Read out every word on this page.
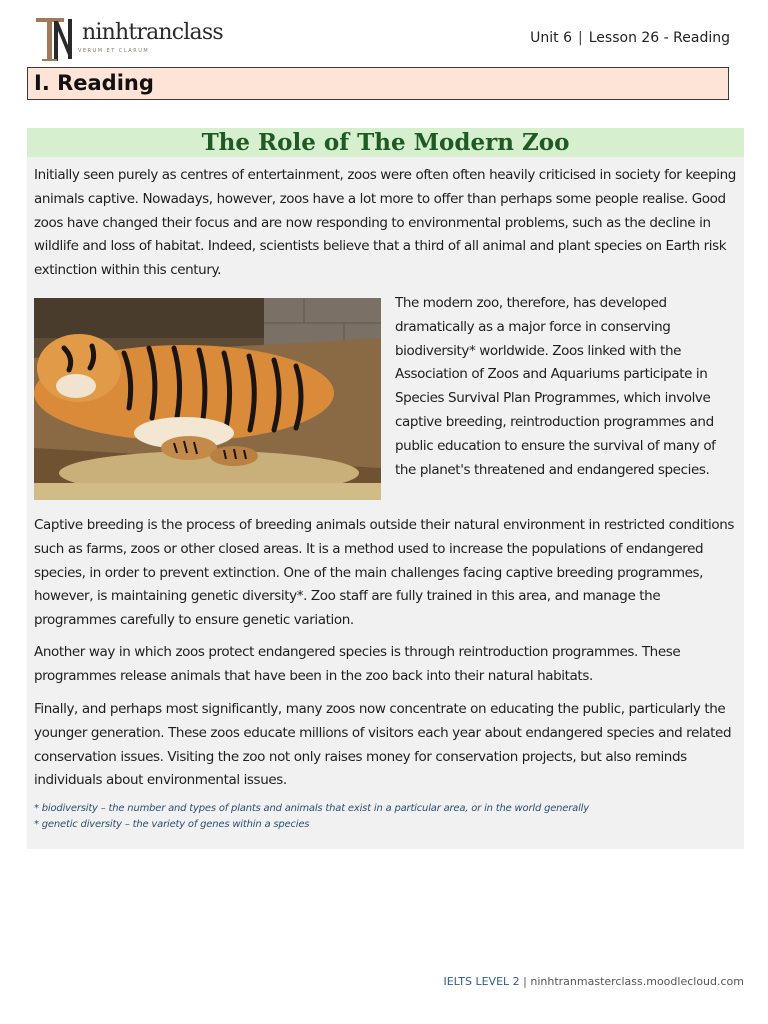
ninhtranclass
VERUM ET CLARUM
Unit 6 | Lesson 26 - Reading
I. Reading
The Role of The Modern Zoo

Initially seen purely as centres of entertainment, zoos were often often heavily criticised in society for keeping animals captive. Nowadays, however, zoos have a lot more to offer than perhaps some people realise. Good zoos have changed their focus and are now responding to environmental problems, such as the decline in wildlife and loss of habitat. Indeed, scientists believe that a third of all animal and plant species on Earth risk extinction within this century.

The modern zoo, therefore, has developed dramatically as a major force in conserving biodiversity* worldwide. Zoos linked with the Association of Zoos and Aquariums participate in Species Survival Plan Programmes, which involve captive breeding, reintroduction programmes and public education to ensure the survival of many of the planet's threatened and endangered species.

Captive breeding is the process of breeding animals outside their natural environment in restricted conditions such as farms, zoos or other closed areas. It is a method used to increase the populations of endangered species, in order to prevent extinction. One of the main challenges facing captive breeding programmes, however, is maintaining genetic diversity*. Zoo staff are fully trained in this area, and manage the programmes carefully to ensure genetic variation.

Another way in which zoos protect endangered species is through reintroduction programmes. These programmes release animals that have been in the zoo back into their natural habitats.

Finally, and perhaps most significantly, many zoos now concentrate on educating the public, particularly the younger generation. These zoos educate millions of visitors each year about endangered species and related conservation issues. Visiting the zoo not only raises money for conservation projects, but also reminds individuals about environmental issues.

* biodiversity – the number and types of plants and animals that exist in a particular area, or in the world generally
* genetic diversity – the variety of genes within a species
IELTS LEVEL 2 | ninhtranmasterclass.moodlecloud.com
